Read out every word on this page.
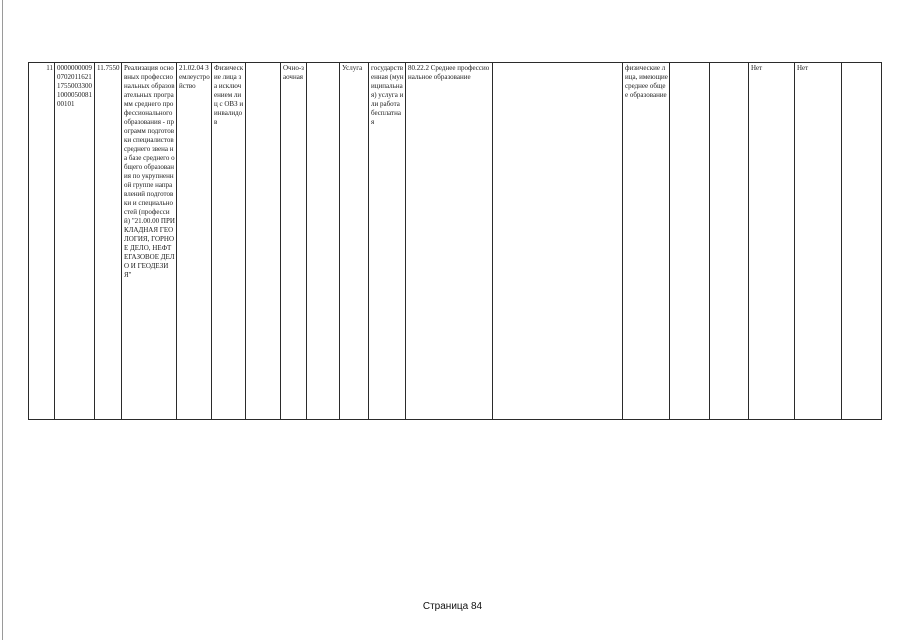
11	000000000907020116211755003300100005008100101	11.7550	Реализация основных профессиональных образовательных программ среднего профессионального образования - программ подготовки специалистов среднего звена на базе среднего общего образования по укрупненной группе направлений подготовки и специальностей (профессий) "21.00.00 ПРИКЛАДНАЯ ГЕОЛОГИЯ, ГОРНОЕ ДЕЛО, НЕФТЕГАЗОВОЕ ДЕЛО И ГЕОДЕЗИЯ"	21.02.04 Землеустройство	Физические лица за исключением лиц с ОВЗ и инвалидов		Очно-заочная		Услуга	государственная (муниципальная) услуга или работа бесплатная	80.22.2 Среднее профессиональное образование		физические лица, имеющие среднее общее образование			Нет	Нет	
Страница 84
